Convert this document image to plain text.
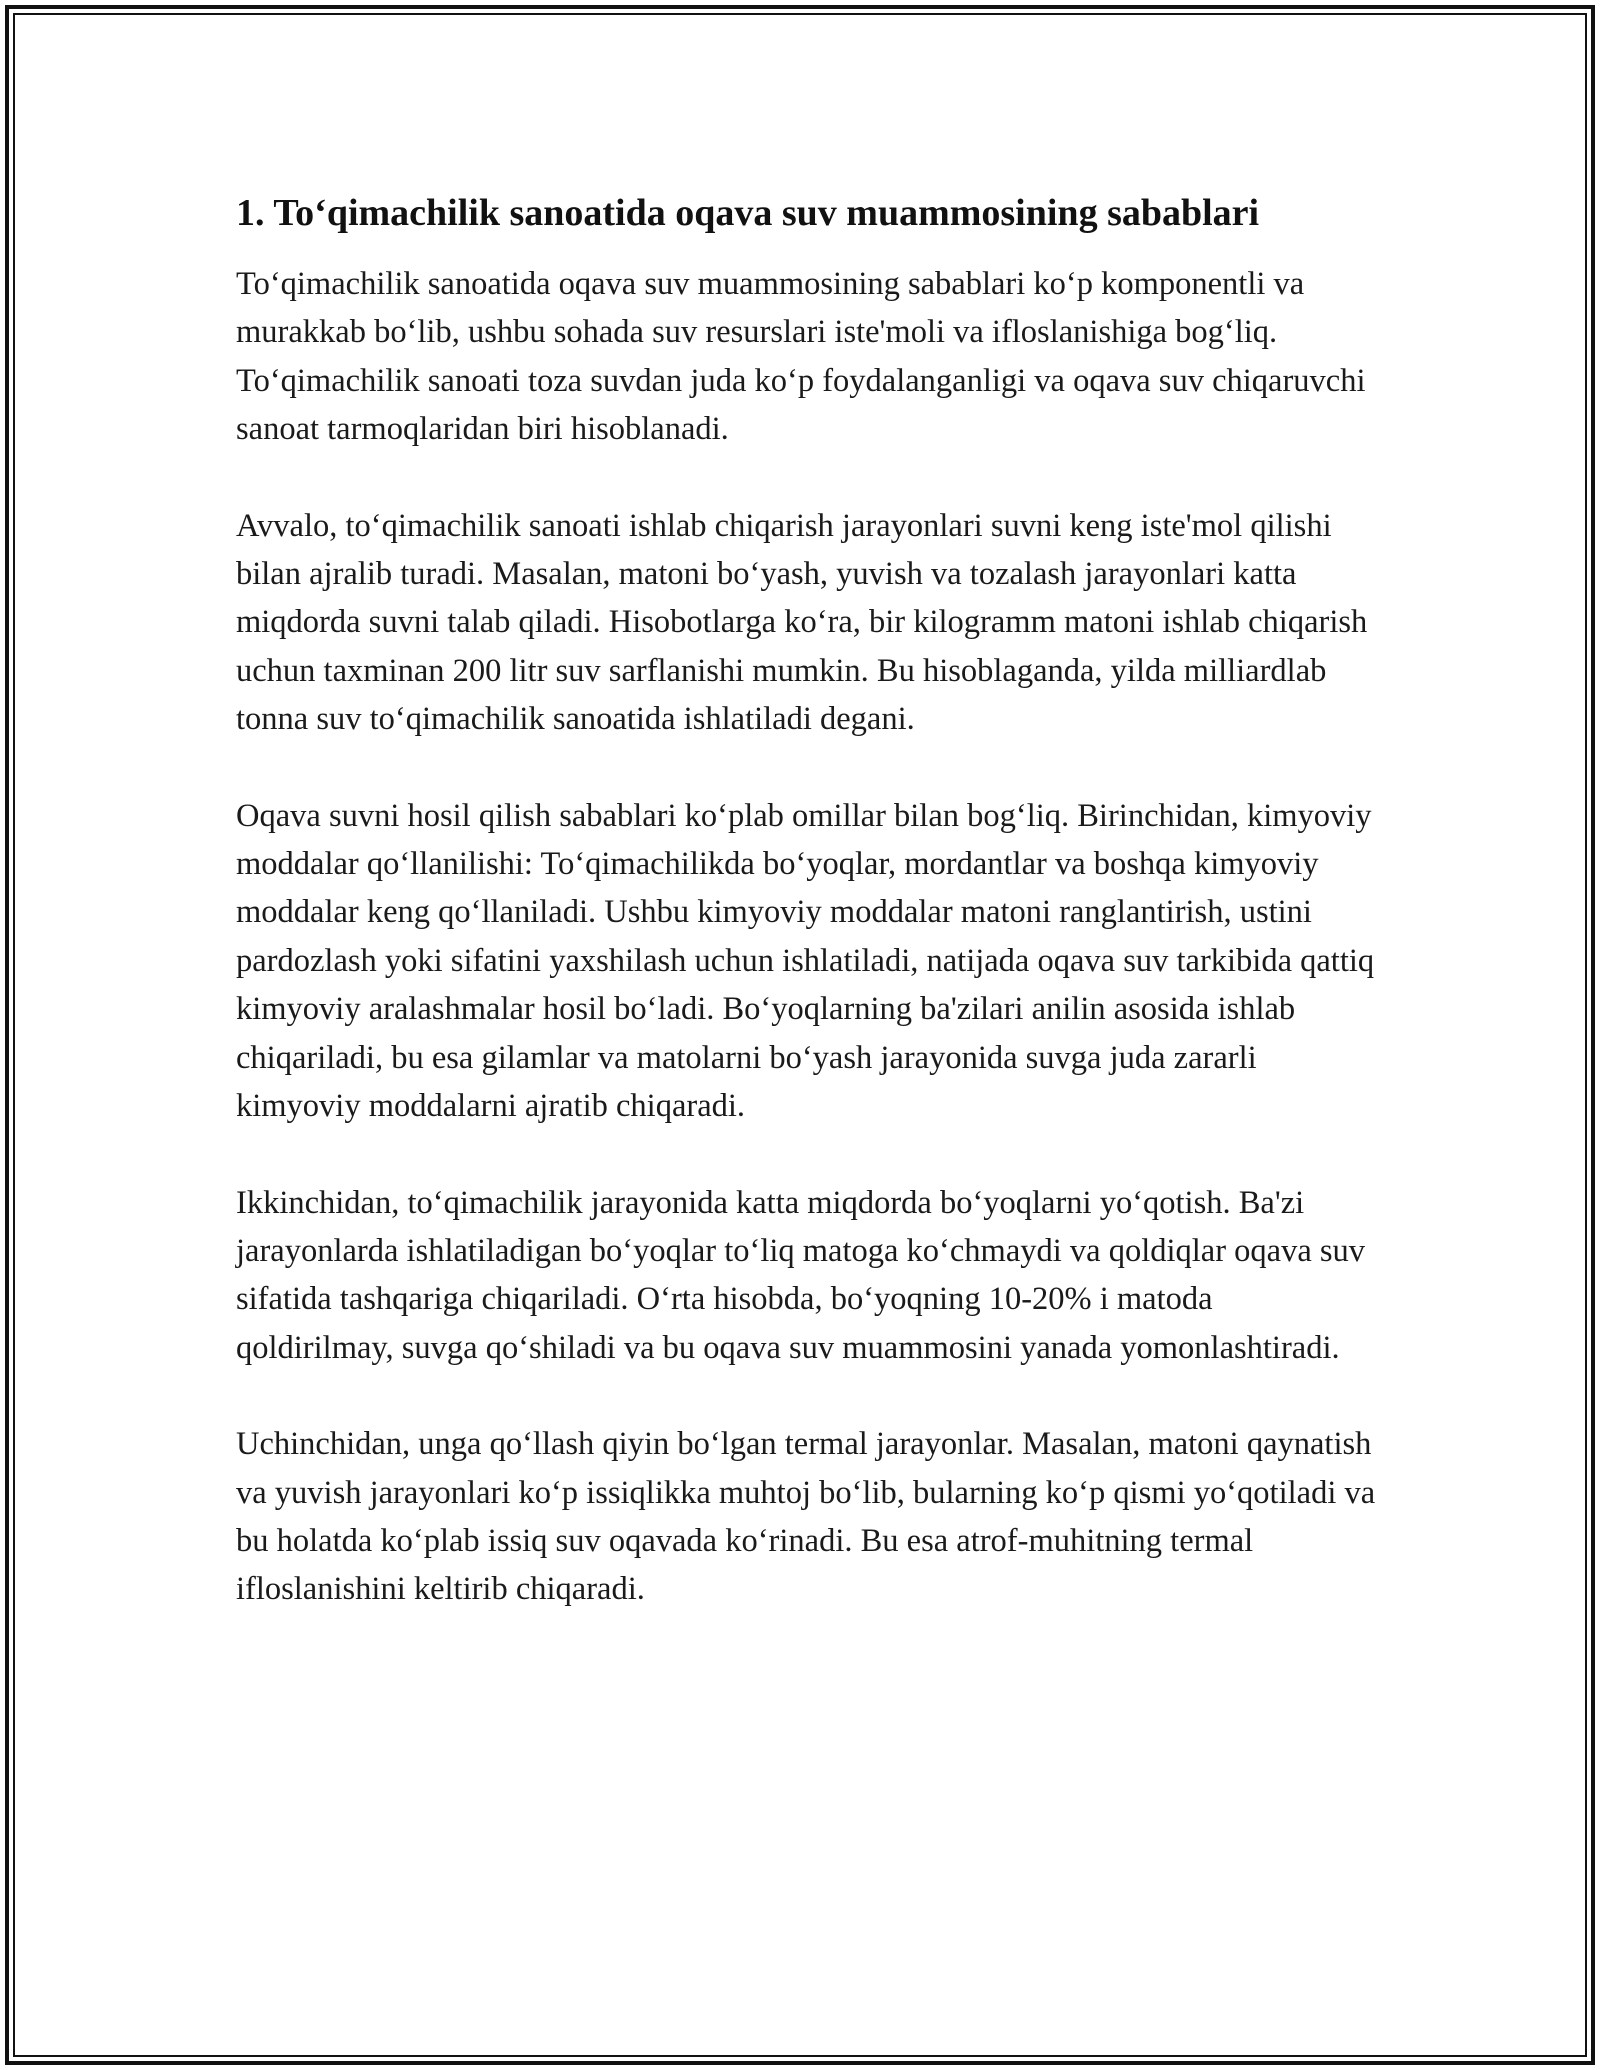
1. To‘qimachilik sanoatida oqava suv muammosining sabablari

To‘qimachilik sanoatida oqava suv muammosining sabablari ko‘p komponentli va murakkab bo‘lib, ushbu sohada suv resurslari iste'moli va ifloslanishiga bog‘liq. To‘qimachilik sanoati toza suvdan juda ko‘p foydalanganligi va oqava suv chiqaruvchi sanoat tarmoqlaridan biri hisoblanadi.

Avvalo, to‘qimachilik sanoati ishlab chiqarish jarayonlari suvni keng iste'mol qilishi bilan ajralib turadi. Masalan, matoni bo‘yash, yuvish va tozalash jarayonlari katta miqdorda suvni talab qiladi. Hisobotlarga ko‘ra, bir kilogramm matoni ishlab chiqarish uchun taxminan 200 litr suv sarflanishi mumkin. Bu hisoblaganda, yilda milliardlab tonna suv to‘qimachilik sanoatida ishlatiladi degani.

Oqava suvni hosil qilish sabablari ko‘plab omillar bilan bog‘liq. Birinchidan, kimyoviy moddalar qo‘llanilishi: To‘qimachilikda bo‘yoqlar, mordantlar va boshqa kimyoviy moddalar keng qo‘llaniladi. Ushbu kimyoviy moddalar matoni ranglantirish, ustini pardozlash yoki sifatini yaxshilash uchun ishlatiladi, natijada oqava suv tarkibida qattiq kimyoviy aralashmalar hosil bo‘ladi. Bo‘yoqlarning ba'zilari anilin asosida ishlab chiqariladi, bu esa gilamlar va matolarni bo‘yash jarayonida suvga juda zararli kimyoviy moddalarni ajratib chiqaradi.

Ikkinchidan, to‘qimachilik jarayonida katta miqdorda bo‘yoqlarni yo‘qotish. Ba'zi jarayonlarda ishlatiladigan bo‘yoqlar to‘liq matoga ko‘chmaydi va qoldiqlar oqava suv sifatida tashqariga chiqariladi. O‘rta hisobda, bo‘yoqning 10-20% i matoda qoldirilmay, suvga qo‘shiladi va bu oqava suv muammosini yanada yomonlashtiradi.

Uchinchidan, unga qo‘llash qiyin bo‘lgan termal jarayonlar. Masalan, matoni qaynatish va yuvish jarayonlari ko‘p issiqlikka muhtoj bo‘lib, bularning ko‘p qismi yo‘qotiladi va bu holatda ko‘plab issiq suv oqavada ko‘rinadi. Bu esa atrof-muhitning termal ifloslanishini keltirib chiqaradi.
